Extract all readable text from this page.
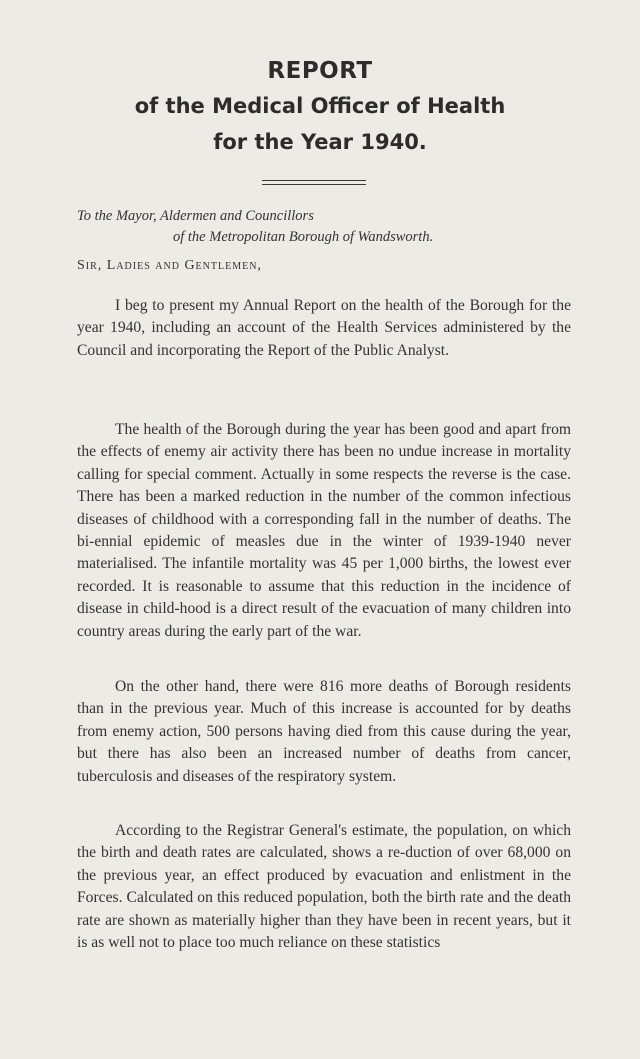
REPORT
of the Medical Officer of Health
for the Year 1940.
To the Mayor, Aldermen and Councillors
of the Metropolitan Borough of Wandsworth.
Sir, Ladies and Gentlemen,

I beg to present my Annual Report on the health of the Borough for the year 1940, including an account of the Health Services administered by the Council and incorporating the Report of the Public Analyst.

The health of the Borough during the year has been good and apart from the effects of enemy air activity there has been no undue increase in mortality calling for special comment. Actually in some respects the reverse is the case. There has been a marked reduction in the number of the common infectious diseases of childhood with a corresponding fall in the number of deaths. The bi-ennial epidemic of measles due in the winter of 1939-1940 never materialised. The infantile mortality was 45 per 1,000 births, the lowest ever recorded. It is reasonable to assume that this reduction in the incidence of disease in child-hood is a direct result of the evacuation of many children into country areas during the early part of the war.

On the other hand, there were 816 more deaths of Borough residents than in the previous year. Much of this increase is accounted for by deaths from enemy action, 500 persons having died from this cause during the year, but there has also been an increased number of deaths from cancer, tuberculosis and diseases of the respiratory system.

According to the Registrar General's estimate, the population, on which the birth and death rates are calculated, shows a re-duction of over 68,000 on the previous year, an effect produced by evacuation and enlistment in the Forces. Calculated on this reduced population, both the birth rate and the death rate are shown as materially higher than they have been in recent years, but it is as well not to place too much reliance on these statistics
